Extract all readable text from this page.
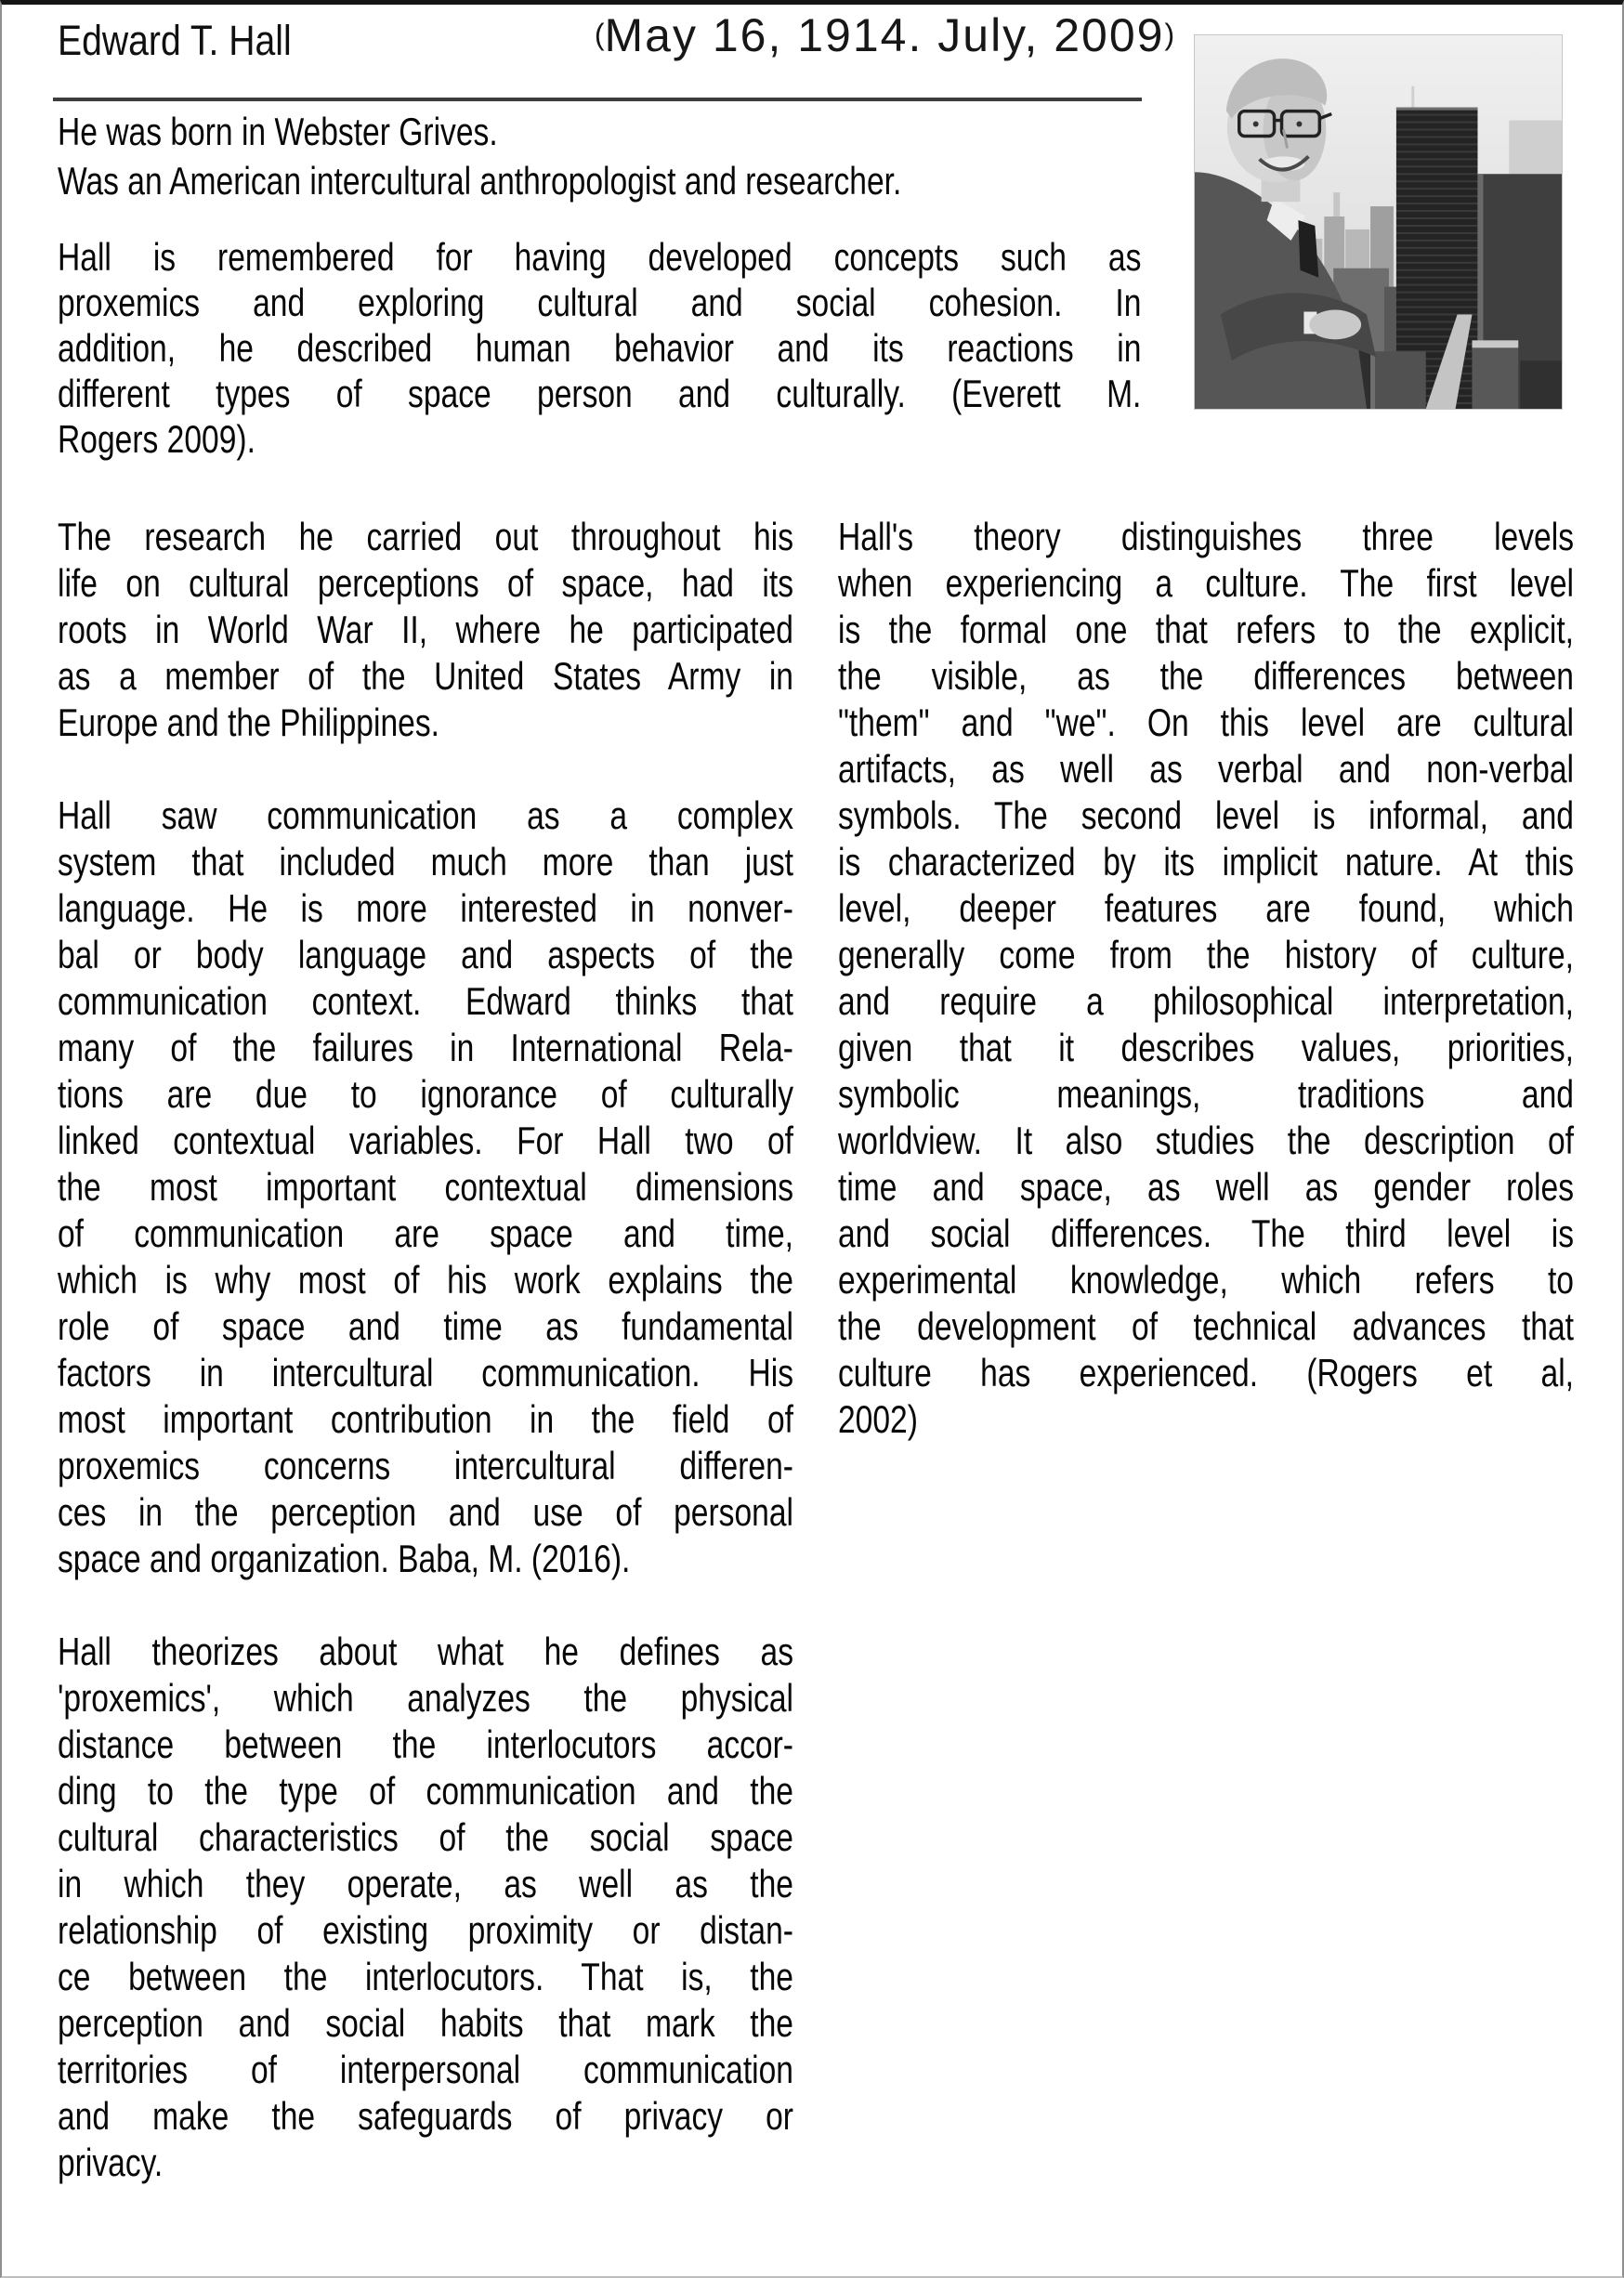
Edward T. Hall	(May 16, 1914. July, 2009)
He was born in Webster Grives.
Was an American intercultural anthropologist and researcher.
Hall is remembered for having developed concepts such as
proxemics and exploring cultural and social cohesion. In
addition, he described human behavior and its reactions in
different types of space person and culturally. (Everett M.
Rogers 2009).
The research he carried out throughout his
life on cultural perceptions of space, had its
roots in World War II, where he participated
as a member of the United States Army in
Europe and the Philippines.
Hall saw communication as a complex
system that included much more than just
language. He is more interested in nonver-
bal or body language and aspects of the
communication context. Edward thinks that
many of the failures in International Rela-
tions are due to ignorance of culturally
linked contextual variables. For Hall two of
the most important contextual dimensions
of communication are space and time,
which is why most of his work explains the
role of space and time as fundamental
factors in intercultural communication. His
most important contribution in the field of
proxemics concerns intercultural differen-
ces in the perception and use of personal
space and organization. Baba, M. (2016).
Hall theorizes about what he defines as
'proxemics', which analyzes the physical
distance between the interlocutors accor-
ding to the type of communication and the
cultural characteristics of the social space
in which they operate, as well as the
relationship of existing proximity or distan-
ce between the interlocutors. That is, the
perception and social habits that mark the
territories of interpersonal communication
and make the safeguards of privacy or
privacy.
Hall's theory distinguishes three levels
when experiencing a culture. The first level
is the formal one that refers to the explicit,
the visible, as the differences between
"them" and "we". On this level are cultural
artifacts, as well as verbal and non-verbal
symbols. The second level is informal, and
is characterized by its implicit nature. At this
level, deeper features are found, which
generally come from the history of culture,
and require a philosophical interpretation,
given that it describes values, priorities,
symbolic meanings, traditions and
worldview. It also studies the description of
time and space, as well as gender roles
and social differences. The third level is
experimental knowledge, which refers to
the development of technical advances that
culture has experienced. (Rogers et al,
2002)
